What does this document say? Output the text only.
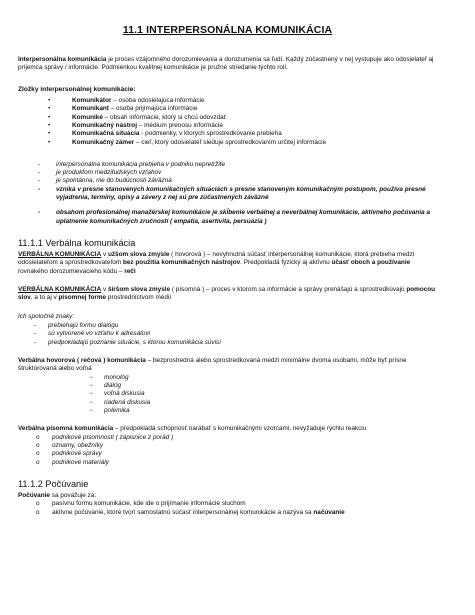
11.1 INTERPERSONÁLNA KOMUNIKÁCIA

Interpersonálna komunikácia je proces vzájomného dorozumievania a dorozumenia sa ľudí. Každý zúčastnený v nej vystupuje ako odosielateľ aj príjemca správy / informácie. Podmienkou kvalitnej komunikácie je pružné striedanie týchto rolí.

Zložky interpersonálnej komunikácie:
• Komunikátor – osoba odosielajúca informácie
• Komunikant – osoba prijímajúca informácie
• Komuniké – obsah informácie, ktorý si chcú odovzdať
• Komunikačný nástroj – médium prenosu informácie
• Komunikačná situácia - podmienky, v ktorých sprostredkovanie prebieha
• Komunikačný zámer – cieľ, ktorý odosielateľ sleduje sprostredkovaním určitej informácie
- interpersonálna komunikácia prebieha v podniku nepretržite
- je produktom medziľudských vzťahov
- je spontánna, nie do budúcnosti záväzná
- vzniká v presne stanovených komunikačných situáciách s presne stanoveným komunikačným postupom, používa presné vyjadrenia, termíny, opisy a závery z nej sú pre zúčastnených záväzné
- obsahom profesionálnej manažérskej komunikácie je skĺbenie verbálnej a neverbálnej komunikácie, aktívneho počúvania a uplatnenie komunikačných zručností ( empatia, asertivita, persuázia )
11.1.1 Verbálna komunikácia

VERBÁLNA KOMUNIKÁCIA v užšom slova zmysle ( hovorová ) – nevyhnutná súčasť interpersonálnej komunikácie, ktorá prebieha medzi odosielateľom a sprostredkovateľom bez použitia komunikačných nástrojov. Predpokladá fyzický aj aktívnu účasť oboch a používanie rovnakého dorozumievacieho kódu – reči

VERBÁLNA KOMUNIKÁCIA v širšom slova zmysle ( písomná ) – proces v ktorom sa informácie a správy prenášajú a sprostredkúvajú pomocou slov, a to aj v písomnej forme prostredníctvom médií

Ich spoločné znaky:

- prebiehajú formu dialógu
- sú vytvorené vo vzťahu k adresátovi
- predpokladajú poznanie situácie, s ktorou komunikácia súvisí

Verbálna hovorová ( rečová ) komunikácia – bezprostredná alebo sprostredkovaná medzi minimálne dvoma osobami, môže byť prísne štruktúrovaná alebo voľná

→ monológ
→ dialóg
→ voľná diskusia
→ riadená diskusia
→ polemika

Verbálna písomná komunikácia – predpokladá schopnosť narábať s komunikačnými vzorcami, nevyžaduje rýchlu reakciu

o podnikové písomnosti ( zápisnice z porád )
o oznamy, obežníky
o podnikové správy
o podnikové materiály
11.1.2 Počúvanie

Počúvanie sa považuje za:

o pasívnu formu komunikácie, kde ide o prijímanie informácie sluchom
o aktívne počúvanie, ktoré tvorí samostatnú súčasť interpersonálnej komunikácie a nazýva sa načúvanie
